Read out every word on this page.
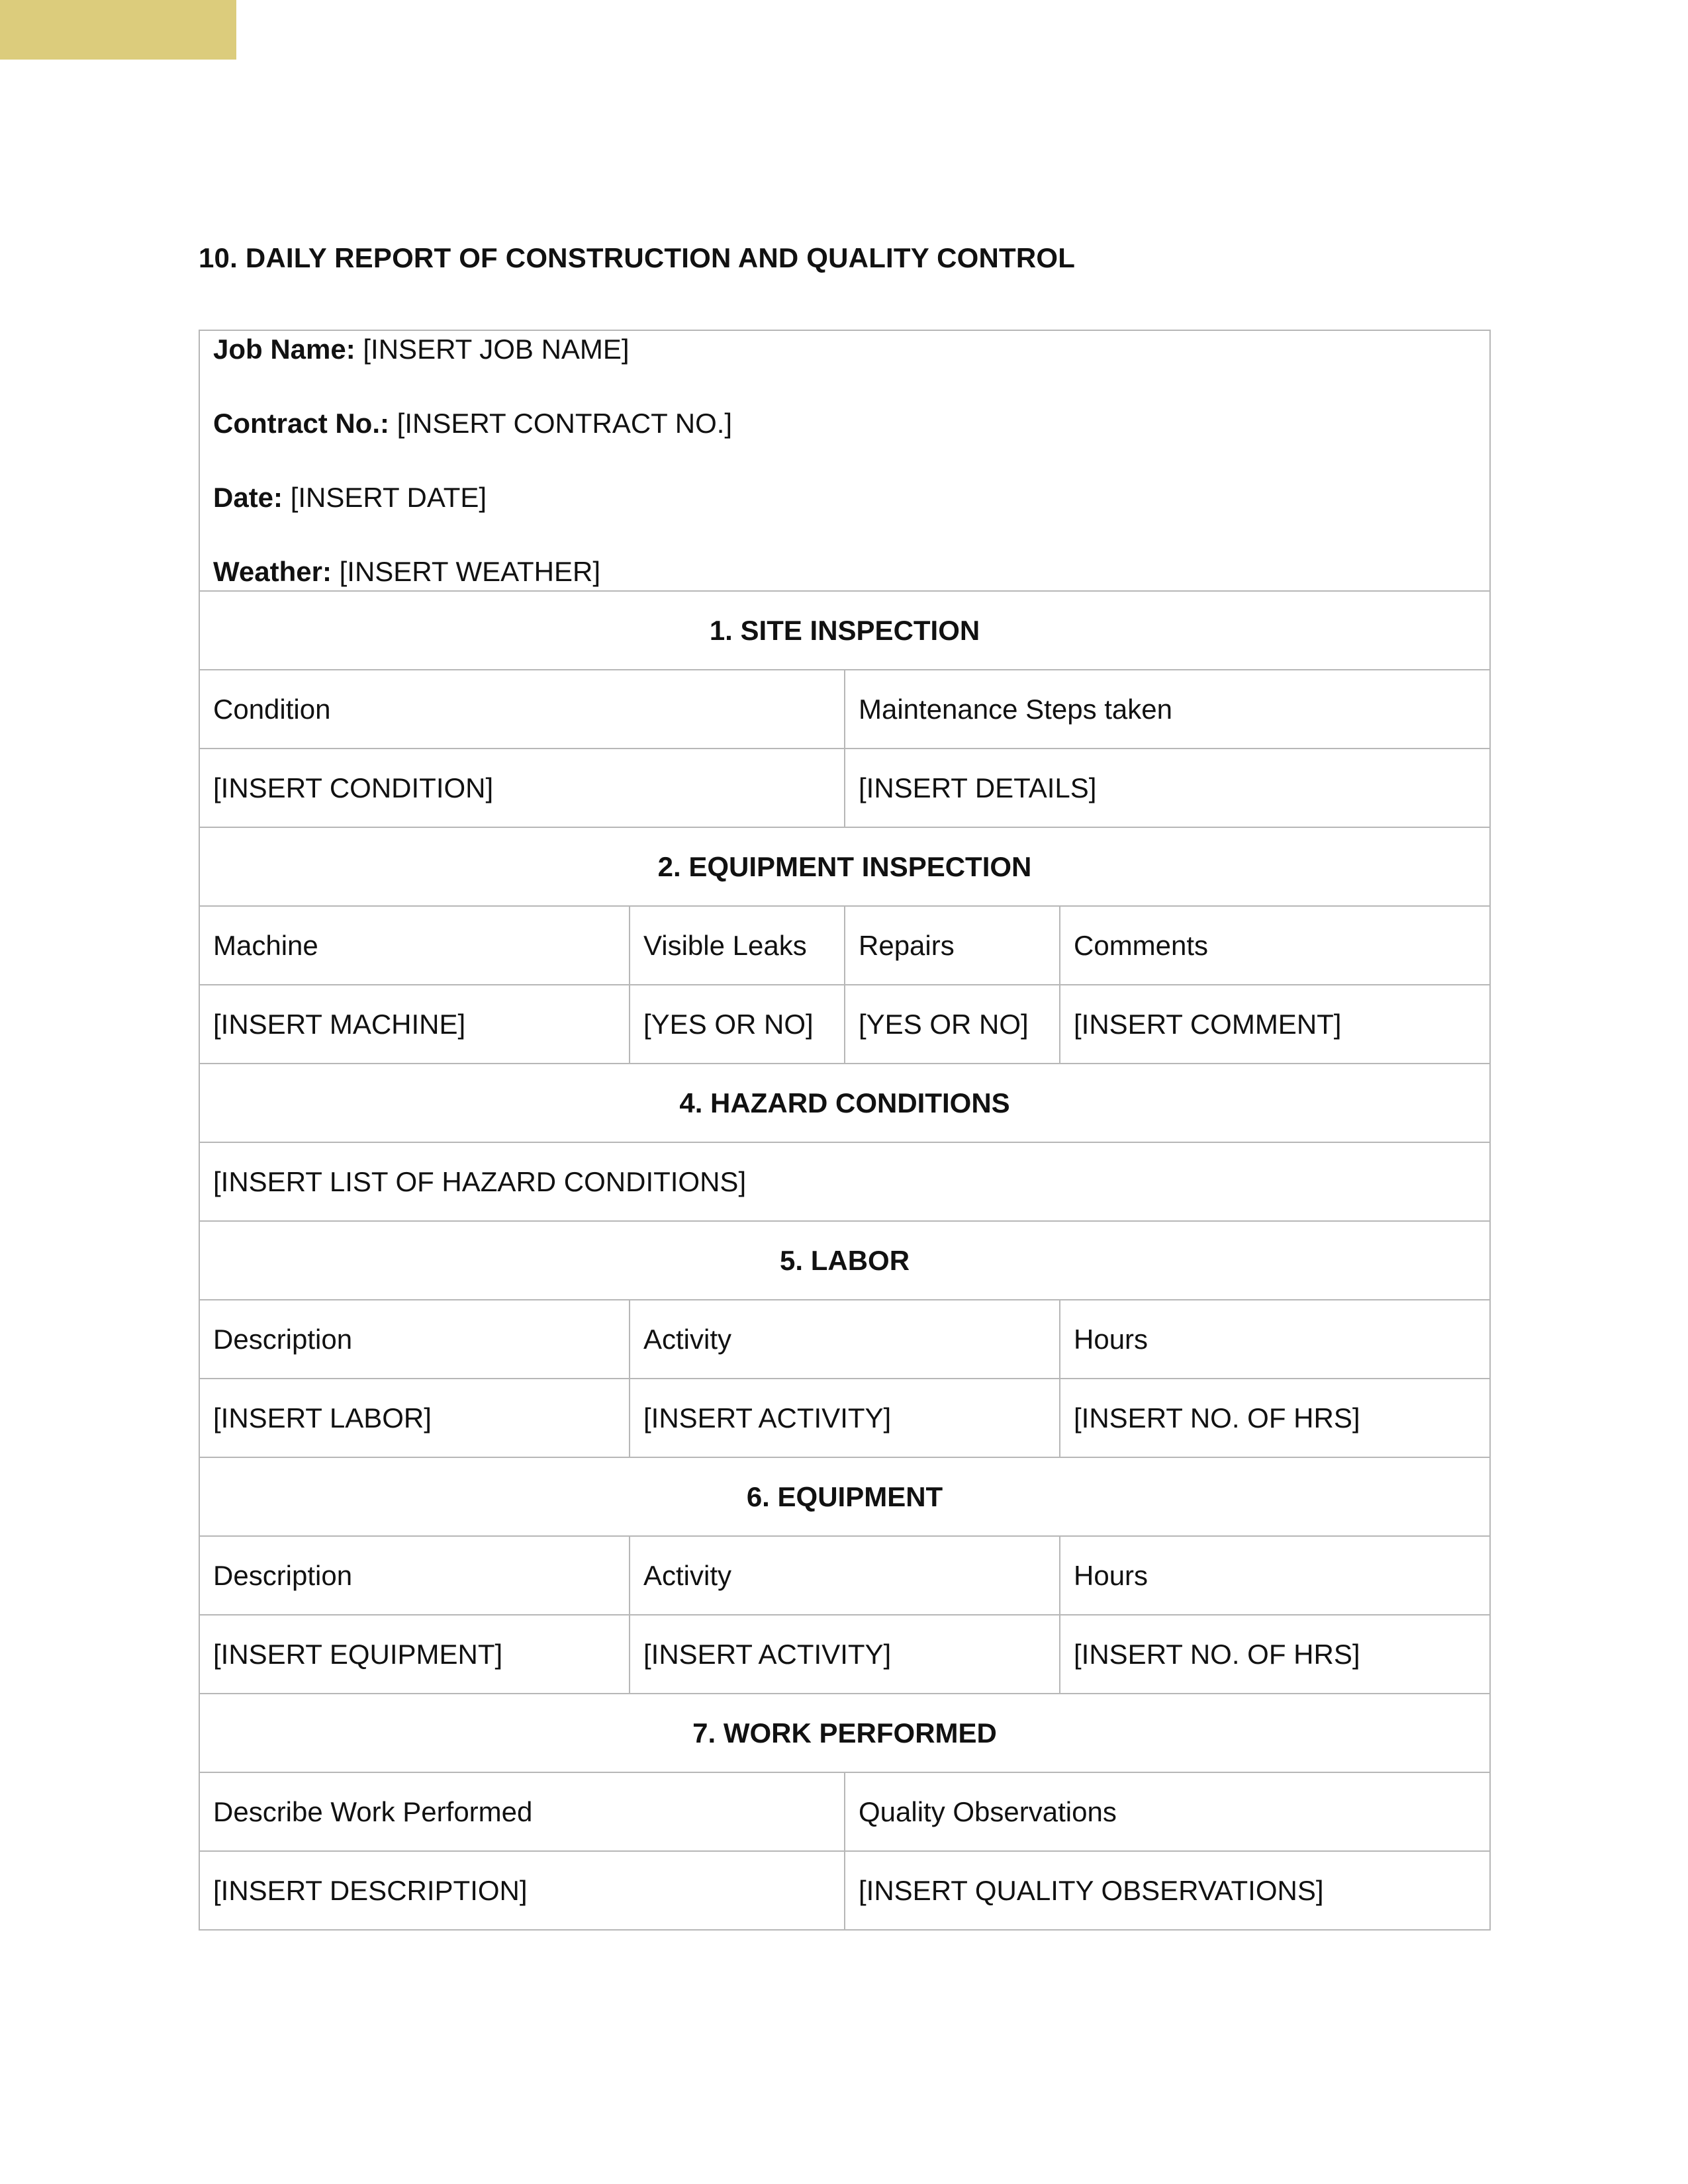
10. DAILY REPORT OF CONSTRUCTION AND QUALITY CONTROL
Job Name: [INSERT JOB NAME]
Contract No.: [INSERT CONTRACT NO.]
Date: [INSERT DATE]
Weather: [INSERT WEATHER]			

1. SITE INSPECTION			
Condition		Maintenance Steps taken	
[INSERT CONDITION]		[INSERT DETAILS]	
2. EQUIPMENT INSPECTION			
Machine	Visible Leaks	Repairs	Comments
[INSERT MACHINE]	[YES OR NO]	[YES OR NO]	[INSERT COMMENT]
4. HAZARD CONDITIONS			
[INSERT LIST OF HAZARD CONDITIONS]			
5. LABOR			
Description	Activity		Hours
[INSERT LABOR]	[INSERT ACTIVITY]		[INSERT NO. OF HRS]
6. EQUIPMENT			
Description	Activity		Hours
[INSERT EQUIPMENT]	[INSERT ACTIVITY]		[INSERT NO. OF HRS]
7. WORK PERFORMED			
Describe Work Performed		Quality Observations	
[INSERT DESCRIPTION]		[INSERT QUALITY OBSERVATIONS]	
